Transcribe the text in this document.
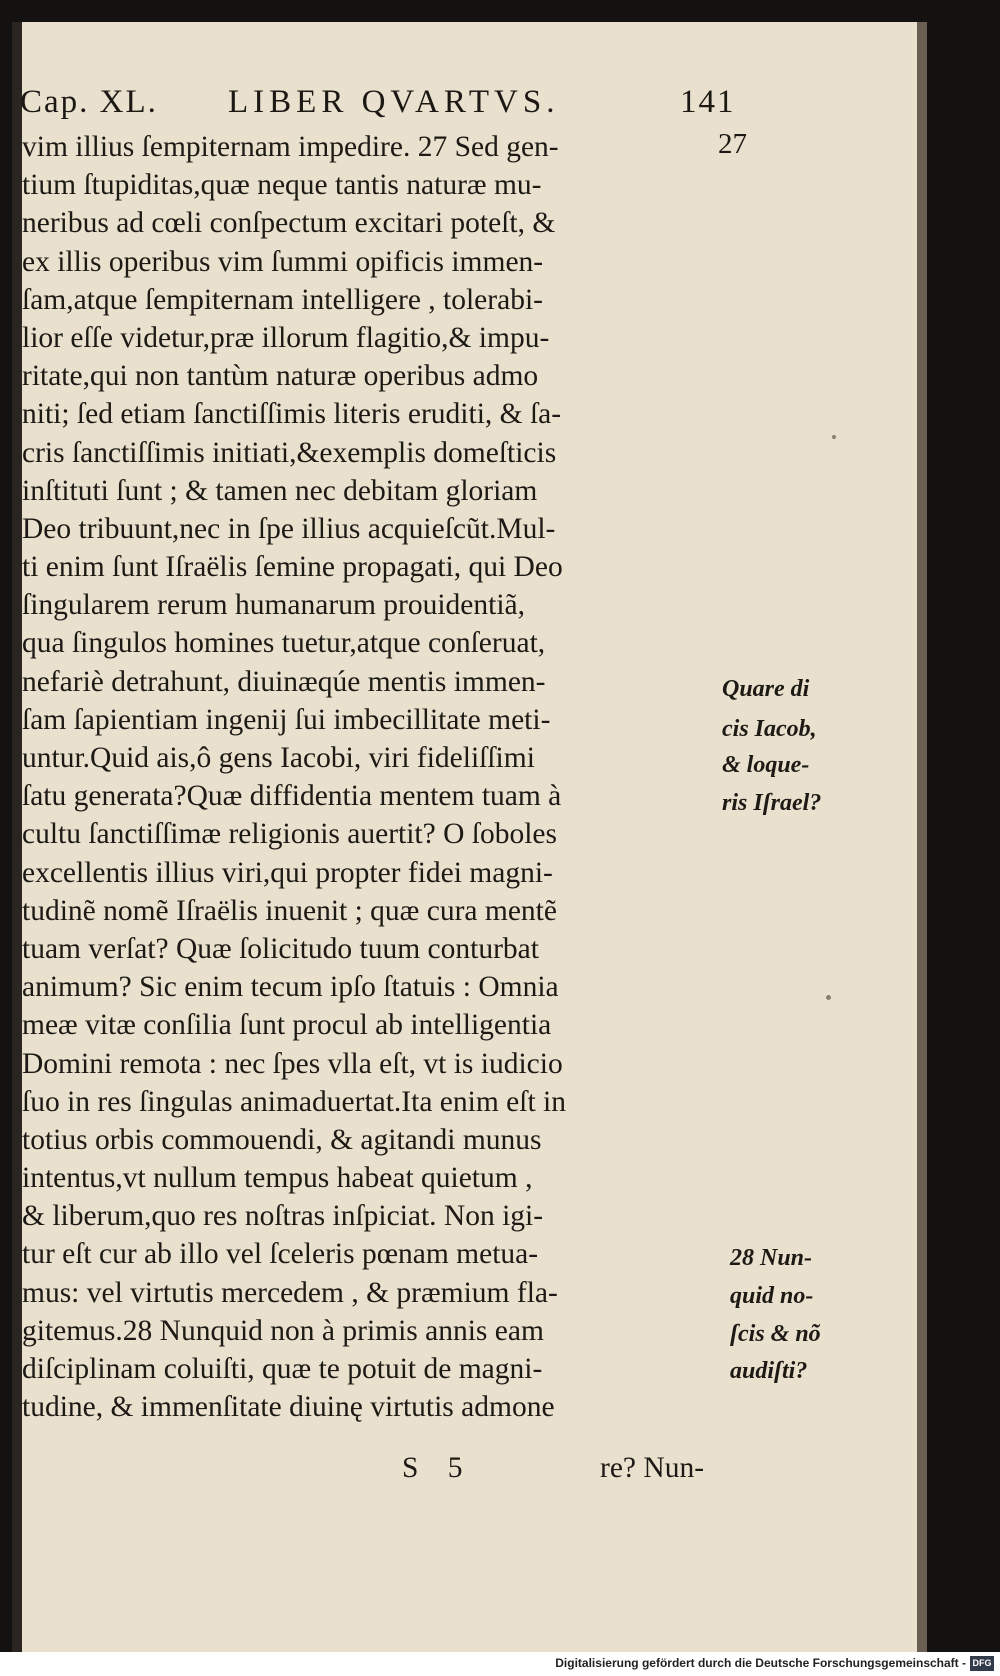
Cap. XL. LIBER QVARTVS.	141
vim illius ſempiternam impedire. 27 Sed gen-
tium ſtupiditas,quæ neque tantis naturæ mu-
neribus ad cœli conſpectum excitari poteſt, &
ex illis operibus vim ſummi opificis immen-
ſam,atque ſempiternam intelligere , tolerabi-
lior eſſe videtur,præ illorum flagitio,& impu-
ritate,qui non tantùm naturæ operibus admo
niti; ſed etiam ſanctiſſimis literis eruditi, & ſa-
cris ſanctiſſimis initiati,&exemplis domeſticis
inſtituti ſunt ; & tamen nec debitam gloriam
Deo tribuunt,nec in ſpe illius acquieſcũt.Mul-
ti enim ſunt Iſraëlis ſemine propagati, qui Deo
ſingularem rerum humanarum prouidentiã,
qua ſingulos homines tuetur,atque conſeruat,
nefariè detrahunt, diuinæqúe mentis immen-
ſam ſapientiam ingenij ſui imbecillitate meti-
untur.Quid ais,ô gens Iacobi, viri fideliſſimi
ſatu generata?Quæ diffidentia mentem tuam à
cultu ſanctiſſimæ religionis auertit? O ſoboles
excellentis illius viri,qui propter fidei magni-
tudinẽ nomẽ Iſraëlis inuenit ; quæ cura mentẽ
tuam verſat? Quæ ſolicitudo tuum conturbat
animum? Sic enim tecum ipſo ſtatuis : Omnia
meæ vitæ conſilia ſunt procul ab intelligentia
Domini remota : nec ſpes vlla eſt, vt is iudicio
ſuo in res ſingulas animaduertat.Ita enim eſt in
totius orbis commouendi, & agitandi munus
intentus,vt nullum tempus habeat quietum ,
& liberum,quo res noſtras inſpiciat. Non igi-
tur eſt cur ab illo vel ſceleris pœnam metua-
mus: vel virtutis mercedem , & præmium fla-
gitemus.28 Nunquid non à primis annis eam
diſciplinam coluiſti, quæ te potuit de magni-
tudine, & immenſitate diuinę virtutis admone
27
Quare di
cis Iacob,
& loque-
ris Iſrael?
28 Nun-
quid no-
ſcis & nõ
audiſti?
S 5	re? Nun-
Digitalisierung gefördert durch die Deutsche Forschungsgemeinschaft - DFG
